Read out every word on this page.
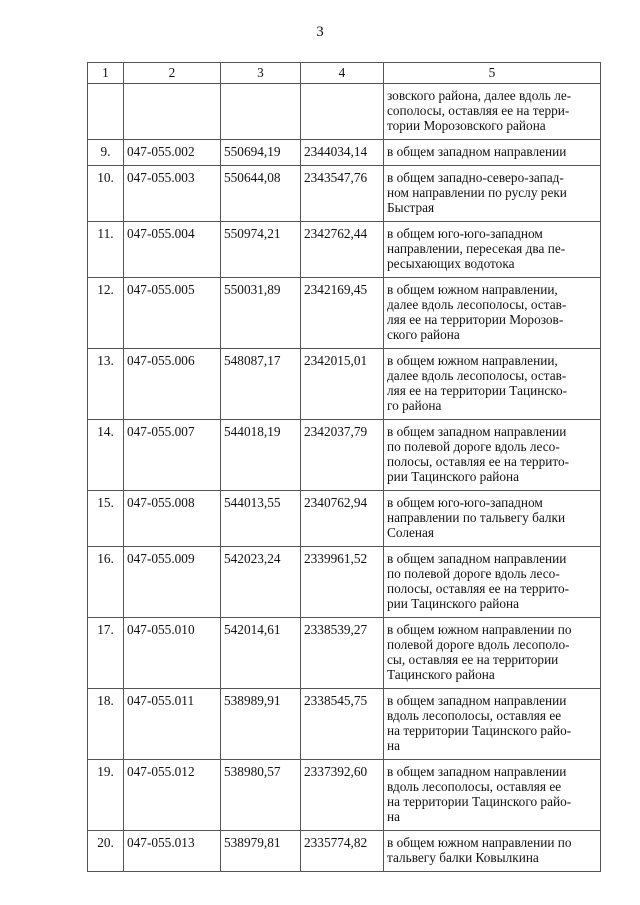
3
1	2	3	4	5

				зовского района, далее вдоль ле-
сополосы, оставляя ее на терри-
тории Морозовского района

9.	047-055.002	550694,19	2344034,14	в общем западном направлении

10.	047-055.003	550644,08	2343547,76	в общем западно-северо-запад-
ном направлении по руслу реки
Быстрая

11.	047-055.004	550974,21	2342762,44	в общем юго-юго-западном
направлении, пересекая два пе-
ресыхающих водотока

12.	047-055.005	550031,89	2342169,45	в общем южном направлении,
далее вдоль лесополосы, остав-
ляя ее на территории Морозов-
ского района

13.	047-055.006	548087,17	2342015,01	в общем южном направлении,
далее вдоль лесополосы, остав-
ляя ее на территории Тацинско-
го района

14.	047-055.007	544018,19	2342037,79	в общем западном направлении
по полевой дороге вдоль лесо-
полосы, оставляя ее на террито-
рии Тацинского района

15.	047-055.008	544013,55	2340762,94	в общем юго-юго-западном
направлении по тальвегу балки
Соленая

16.	047-055.009	542023,24	2339961,52	в общем западном направлении
по полевой дороге вдоль лесо-
полосы, оставляя ее на террито-
рии Тацинского района

17.	047-055.010	542014,61	2338539,27	в общем южном направлении по
полевой дороге вдоль лесополо-
сы, оставляя ее на территории
Тацинского района

18.	047-055.011	538989,91	2338545,75	в общем западном направлении
вдоль лесополосы, оставляя ее
на территории Тацинского райо-
на

19.	047-055.012	538980,57	2337392,60	в общем западном направлении
вдоль лесополосы, оставляя ее
на территории Тацинского райо-
на

20.	047-055.013	538979,81	2335774,82	в общем южном направлении по
тальвегу балки Ковылкина
